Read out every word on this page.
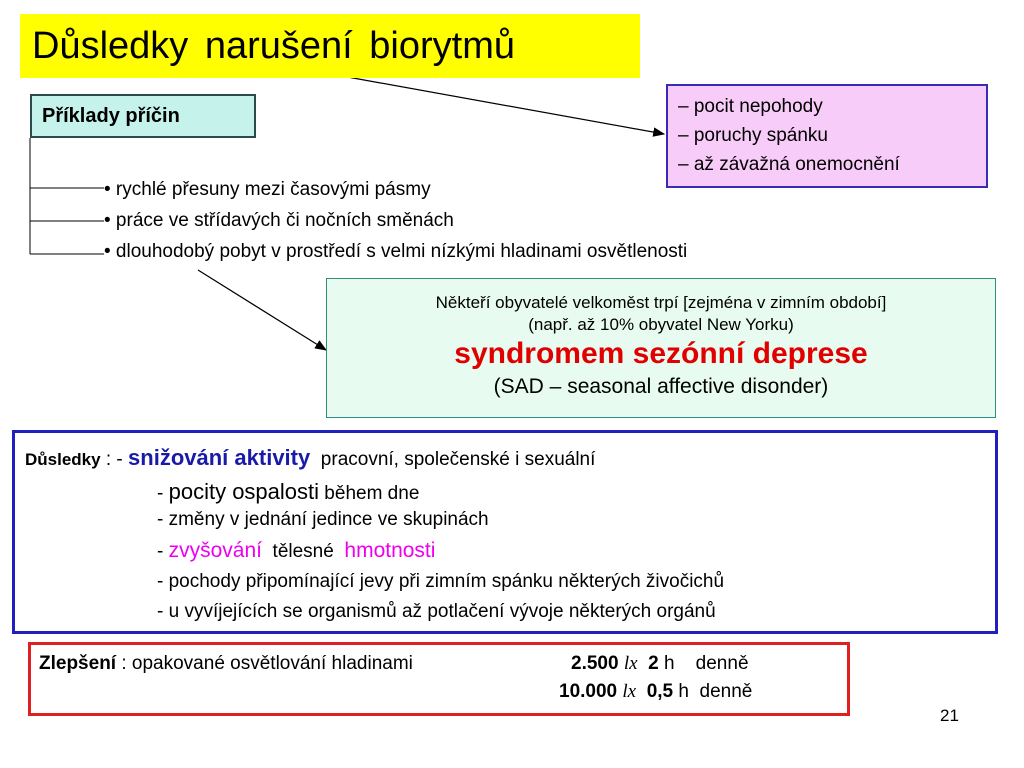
Důsledky narušení biorytmů
Příklady příčin	– pocit nepohody
– poruchy spánku
– až závažná onemocnění
• rychlé přesuny mezi časovými pásmy
• práce ve střídavých či nočních směnách
• dlouhodobý pobyt v prostředí s velmi nízkými hladinami osvětlenosti
Někteří obyvatelé velkoměst trpí [zejména v zimním období]
(např. až 10% obyvatel New Yorku)
syndromem sezónní deprese
(SAD – seasonal affective disonder)
Důsledky : - snižování aktivity pracovní, společenské i sexuální
- pocity ospalosti během dne
- změny v jednání jedince ve skupinách
- zvyšování tělesné hmotnosti
- pochody připomínající jevy při zimním spánku některých živočichů
- u vyvíjejících se organismů až potlačení vývoje některých orgánů
Zlepšení : opakované osvětlování hladinami	2.500 lx 2 h denně
10.000 lx 0,5 h denně
21
